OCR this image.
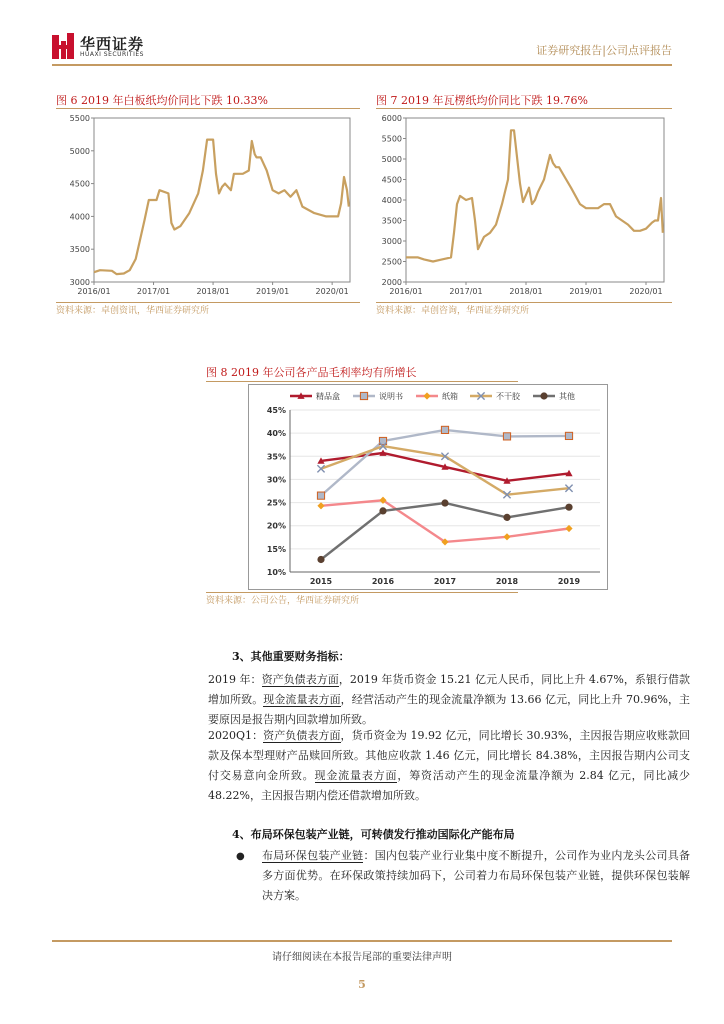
华西证券
HUAXI SECURITIES	证券研究报告|公司点评报告
图 6 2019 年白板纸均价同比下跌 10.33%
3000
3500
4000
4500
5000
5500
2016/01	2017/01	2018/01	2019/01	2020/01
资料来源：卓创资讯，华西证券研究所
图 7 2019 年瓦楞纸均价同比下跌 19.76%
2000
2500
3000
3500
4000
4500
5000
5500
6000
2016/01	2017/01	2018/01	2019/01	2020/01
资料来源：卓创咨询，华西证券研究所
图 8 2019 年公司各产品毛利率均有所增长
10%
15%
20%
25%
30%
35%
40%
45%
2015	2016	2017	2018	2019
精品盒	说明书	纸箱	不干胶	其他
资料来源：公司公告，华西证券研究所
3、其他重要财务指标：
2019 年：资产负债表方面，2019 年货币资金 15.21 亿元人民币，同比上升 4.67%，系银行借款增加所致。现金流量表方面，经营活动产生的现金流量净额为 13.66 亿元，同比上升 70.96%，主要原因是报告期内回款增加所致。
2020Q1：资产负债表方面，货币资金为 19.92 亿元，同比增长 30.93%，主因报告期应收账款回款及保本型理财产品赎回所致。其他应收款 1.46 亿元，同比增长 84.38%，主因报告期内公司支付交易意向金所致。现金流量表方面，筹资活动产生的现金流量净额为 2.84 亿元，同比减少 48.22%，主因报告期内偿还借款增加所致。
4、布局环保包装产业链，可转债发行推动国际化产能布局
● 布局环保包装产业链：国内包装产业行业集中度不断提升，公司作为业内龙头公司具备多方面优势。在环保政策持续加码下，公司着力布局环保包装产业链，提供环保包装解决方案。
请仔细阅读在本报告尾部的重要法律声明
5
